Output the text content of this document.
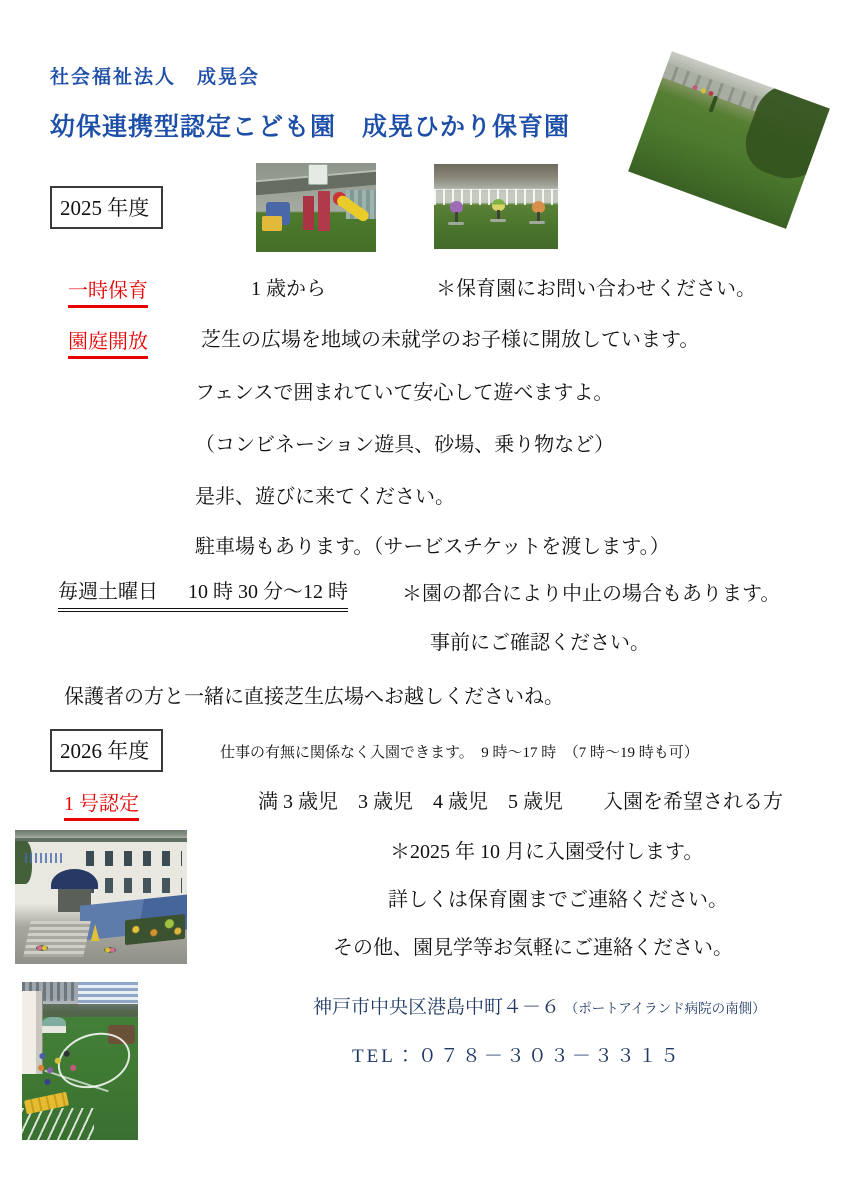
社会福祉法人　成晃会
幼保連携型認定こども園　成晃ひかり保育園
2025 年度
一時保育	1 歳から	＊保育園にお問い合わせください。
園庭開放	芝生の広場を地域の未就学のお子様に開放しています。
フェンスで囲まれていて安心して遊べますよ。
（コンビネーション遊具、砂場、乗り物など）
是非、遊びに来てください。
駐車場もあります。（サービスチケットを渡します。）
毎週土曜日 10 時 30 分～12 時	＊園の都合により中止の場合もあります。
事前にご確認ください。
保護者の方と一緒に直接芝生広場へお越しくださいね。
2026 年度	仕事の有無に関係なく入園できます。　9 時～17 時　（7 時～19 時も可）
1 号認定	満 3 歳児　3 歳児　4 歳児　5 歳児　　入園を希望される方
＊2025 年 10 月に入園受付します。
詳しくは保育園までご連絡ください。
その他、園見学等お気軽にご連絡ください。
神戸市中央区港島中町４－６ （ポートアイランド病院の南側）
TEL：０７８－３０３－３３１５
